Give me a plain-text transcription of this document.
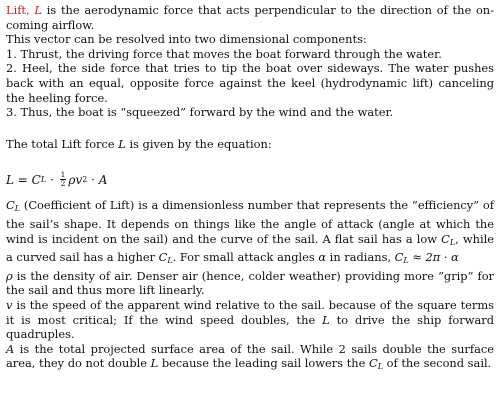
Lift, L is the aerodynamic force that acts perpendicular to the direction of the on-coming airflow.
This vector can be resolved into two dimensional components:

1. Thrust, the driving force that moves the boat forward through the water.

2. Heel, the side force that tries to tip the boat over sideways. The water pushes back with an equal, opposite force against the keel (hydrodynamic lift) canceling the heeling force.

3. Thus, the boat is “squeezed” forward by the wind and the water.

The total Lift force L is given by the equation:

L = C $L \cdot \frac{1}{2}$ ρv 2 · A

$C_L$ (Coefficient of Lift) is a dimensionless number that represents the ”efficiency” of the sail’s shape. It depends on things like the angle of attack (angle at which the wind is incident on the sail) and the curve of the sail. A flat sail has a low $C_L$, while a curved sail has a higher $C_L$. For small attack angles α in radians, $C_L \approx 2\pi \cdot \alpha$

ρ is the density of air. Denser air (hence, colder weather) providing more ”grip” for the sail and thus more lift linearly.

v is the speed of the apparent wind relative to the sail. because of the square terms it is most critical; If the wind speed doubles, the L to drive the ship forward quadruples.

A is the total projected surface area of the sail. While 2 sails double the surface area, they do not double L because the leading sail lowers the $C_L$ of the second sail.
